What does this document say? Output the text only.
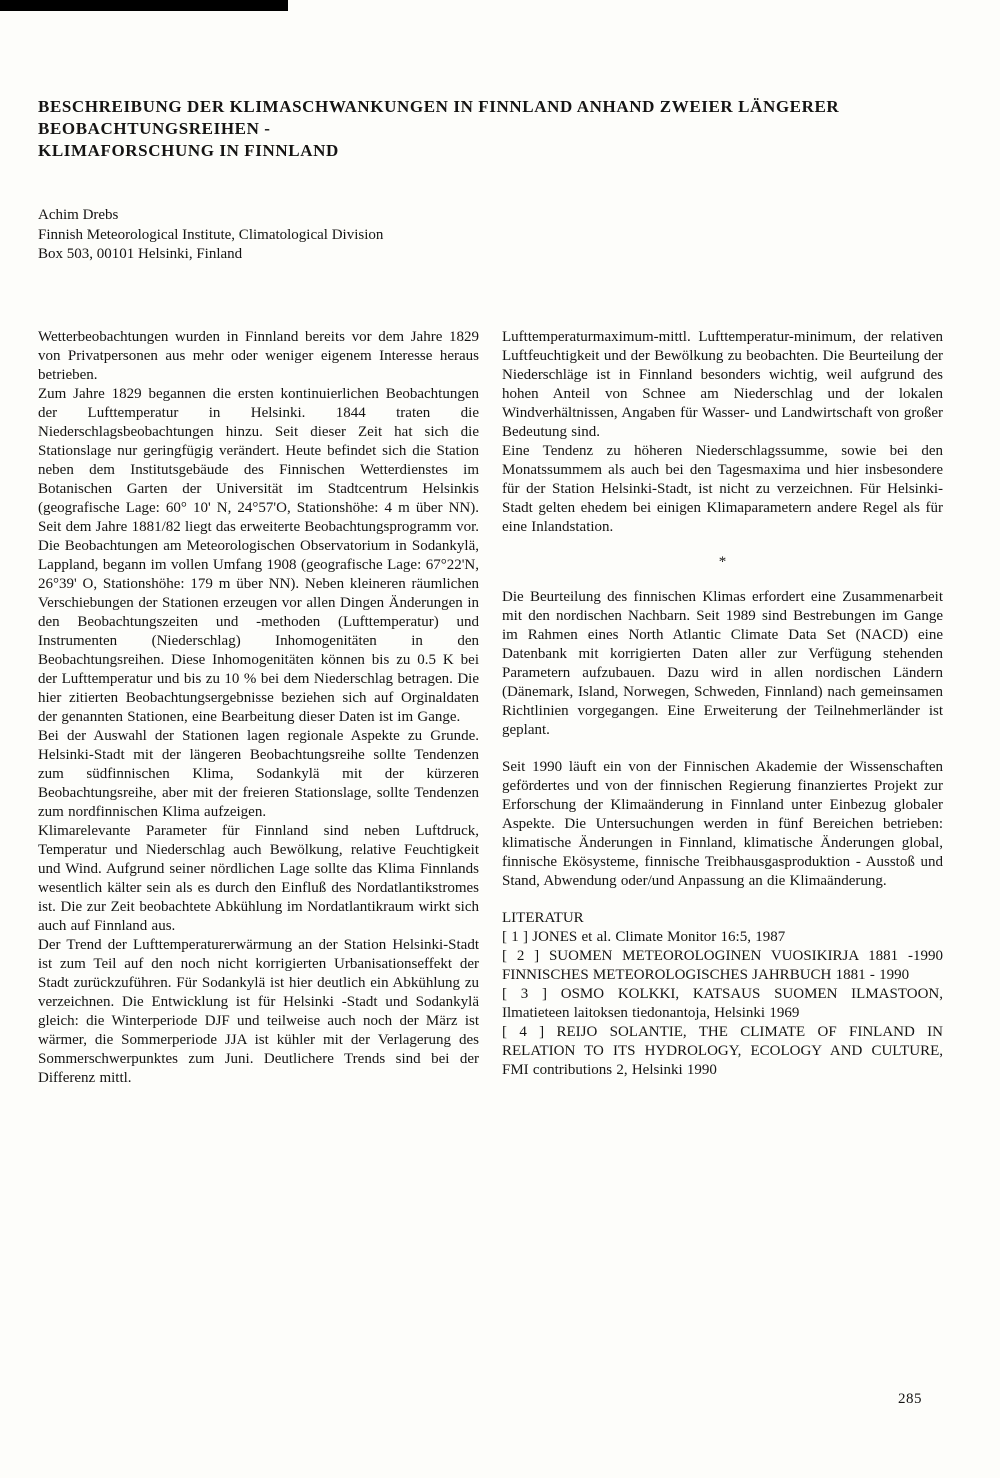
BESCHREIBUNG DER KLIMASCHWANKUNGEN IN FINNLAND ANHAND ZWEIER LÄNGERER
BEOBACHTUNGSREIHEN -
KLIMAFORSCHUNG IN FINNLAND
Achim Drebs
Finnish Meteorological Institute, Climatological Division
Box 503, 00101 Helsinki, Finland

Wetterbeobachtungen wurden in Finnland bereits vor dem Jahre 1829 von Privatpersonen aus mehr oder weniger eigenem Interesse heraus betrieben.

Zum Jahre 1829 begannen die ersten kontinuierlichen Beobachtungen der Lufttemperatur in Helsinki. 1844 traten die Niederschlagsbeobachtungen hinzu. Seit dieser Zeit hat sich die Stationslage nur geringfügig verändert. Heute befindet sich die Station neben dem Institutsgebäude des Finnischen Wetterdienstes im Botanischen Garten der Universität im Stadtcentrum Helsinkis (geografische Lage: 60° 10' N, 24°57'O, Stationshöhe: 4 m über NN). Seit dem Jahre 1881/82 liegt das erweiterte Beobachtungsprogramm vor. Die Beobachtungen am Meteorologischen Observatorium in Sodankylä, Lappland, begann im vollen Umfang 1908 (geografische Lage: 67°22'N, 26°39' O, Stationshöhe: 179 m über NN). Neben kleineren räumlichen Verschiebungen der Stationen erzeugen vor allen Dingen Änderungen in den Beobachtungszeiten und -methoden (Lufttemperatur) und Instrumenten (Niederschlag) Inhomogenitäten in den Beobachtungsreihen. Diese Inhomogenitäten können bis zu 0.5 K bei der Lufttemperatur und bis zu 10 % bei dem Niederschlag betragen. Die hier zitierten Beobachtungsergebnisse beziehen sich auf Orginaldaten der genannten Stationen, eine Bearbeitung dieser Daten ist im Gange.

Bei der Auswahl der Stationen lagen regionale Aspekte zu Grunde. Helsinki-Stadt mit der längeren Beobachtungsreihe sollte Tendenzen zum südfinnischen Klima, Sodankylä mit der kürzeren Beobachtungsreihe, aber mit der freieren Stationslage, sollte Tendenzen zum nordfinnischen Klima aufzeigen.

Klimarelevante Parameter für Finnland sind neben Luftdruck, Temperatur und Niederschlag auch Bewölkung, relative Feuchtigkeit und Wind. Aufgrund seiner nördlichen Lage sollte das Klima Finnlands wesentlich kälter sein als es durch den Einfluß des Nordatlantikstromes ist. Die zur Zeit beobachtete Abkühlung im Nordatlantikraum wirkt sich auch auf Finnland aus.

Der Trend der Lufttemperaturerwärmung an der Station Helsinki-Stadt ist zum Teil auf den noch nicht korrigierten Urbanisationseffekt der Stadt zurückzuführen. Für Sodankylä ist hier deutlich ein Abkühlung zu verzeichnen. Die Entwicklung ist für Helsinki -Stadt und Sodankylä gleich: die Winterperiode DJF und teilweise auch noch der März ist wärmer, die Sommerperiode JJA ist kühler mit der Verlagerung des Sommerschwerpunktes zum Juni. Deutlichere Trends sind bei der Differenz mittl.

Lufttemperaturmaximum-mittl. Lufttemperatur-minimum, der relativen Luftfeuchtigkeit und der Bewölkung zu beobachten. Die Beurteilung der Niederschläge ist in Finnland besonders wichtig, weil aufgrund des hohen Anteil von Schnee am Niederschlag und der lokalen Windverhältnissen, Angaben für Wasser- und Landwirtschaft von großer Bedeutung sind.

Eine Tendenz zu höheren Niederschlagssumme, sowie bei den Monatssummem als auch bei den Tagesmaxima und hier insbesondere für der Station Helsinki-Stadt, ist nicht zu verzeichnen. Für Helsinki-Stadt gelten ehedem bei einigen Klimaparametern andere Regel als für eine Inlandstation.

*

Die Beurteilung des finnischen Klimas erfordert eine Zusammenarbeit mit den nordischen Nachbarn. Seit 1989 sind Bestrebungen im Gange im Rahmen eines North Atlantic Climate Data Set (NACD) eine Datenbank mit korrigierten Daten aller zur Verfügung stehenden Parametern aufzubauen. Dazu wird in allen nordischen Ländern (Dänemark, Island, Norwegen, Schweden, Finnland) nach gemeinsamen Richtlinien vorgegangen. Eine Erweiterung der Teilnehmerländer ist geplant.

Seit 1990 läuft ein von der Finnischen Akademie der Wissenschaften gefördertes und von der finnischen Regierung finanziertes Projekt zur Erforschung der Klimaänderung in Finnland unter Einbezug globaler Aspekte. Die Untersuchungen werden in fünf Bereichen betrieben: klimatische Änderungen in Finnland, klimatische Änderungen global, finnische Ekösysteme, finnische Treibhausgasproduktion - Ausstoß und Stand, Abwendung oder/und Anpassung an die Klimaänderung.

LITERATUR

[ 1 ] JONES et al. Climate Monitor 16:5, 1987

[ 2 ] SUOMEN METEOROLOGINEN VUOSIKIRJA 1881 -1990 FINNISCHES METEOROLOGISCHES JAHRBUCH 1881 - 1990

[ 3 ] OSMO KOLKKI, KATSAUS SUOMEN ILMASTOON, Ilmatieteen laitoksen tiedonantoja, Helsinki 1969

[ 4 ] REIJO SOLANTIE, THE CLIMATE OF FINLAND IN RELATION TO ITS HYDROLOGY, ECOLOGY AND CULTURE, FMI contributions 2, Helsinki 1990

285
